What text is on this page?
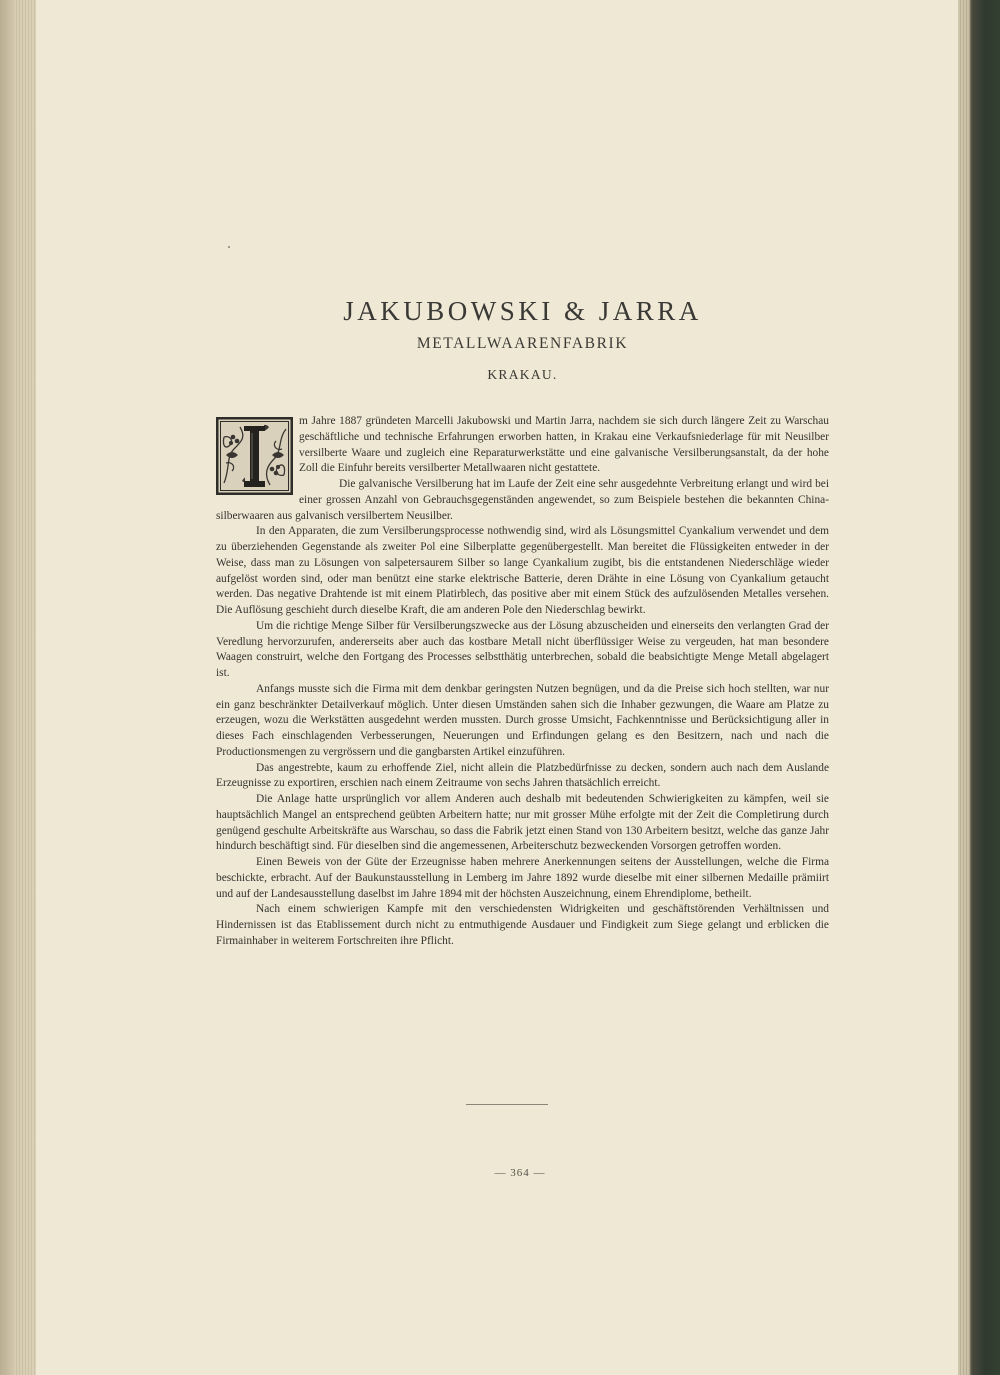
JAKUBOWSKI & JARRA
METALLWAARENFABRIK
KRAKAU.

m Jahre 1887 gründeten Marcelli Jakubowski und Martin Jarra, nachdem sie sich durch längere Zeit zu Warschau geschäftliche und technische Erfahrungen erworben hatten, in Krakau eine Verkaufsniederlage für mit Neusilber versilberte Waare und zugleich eine Reparaturwerkstätte und eine galvanische Versilberungsanstalt, da der hohe Zoll die Einfuhr bereits versilberter Metallwaaren nicht gestattete.

Die galvanische Versilberung hat im Laufe der Zeit eine sehr ausgedehnte Verbreitung erlangt und wird bei einer grossen Anzahl von Gebrauchsgegenständen angewendet, so zum Beispiele bestehen die bekannten Chinasilberwaaren aus galvanisch versilbertem Neusilber.

In den Apparaten, die zum Versilberungsprocesse nothwendig sind, wird als Lösungsmittel Cyankalium verwendet und dem zu überziehenden Gegenstande als zweiter Pol eine Silberplatte gegenübergestellt. Man bereitet die Flüssigkeiten entweder in der Weise, dass man zu Lösungen von salpetersaurem Silber so lange Cyankalium zugibt, bis die entstandenen Niederschläge wieder aufgelöst worden sind, oder man benützt eine starke elektrische Batterie, deren Drähte in eine Lösung von Cyankalium getaucht werden. Das negative Drahtende ist mit einem Platirblech, das positive aber mit einem Stück des aufzulösenden Metalles versehen. Die Auflösung geschieht durch dieselbe Kraft, die am anderen Pole den Niederschlag bewirkt.

Um die richtige Menge Silber für Versilberungszwecke aus der Lösung abzuscheiden und einerseits den verlangten Grad der Veredlung hervorzurufen, andererseits aber auch das kostbare Metall nicht überflüssiger Weise zu vergeuden, hat man besondere Waagen construirt, welche den Fortgang des Processes selbstthätig unterbrechen, sobald die beabsichtigte Menge Metall abgelagert ist.

Anfangs musste sich die Firma mit dem denkbar geringsten Nutzen begnügen, und da die Preise sich hoch stellten, war nur ein ganz beschränkter Detailverkauf möglich. Unter diesen Umständen sahen sich die Inhaber gezwungen, die Waare am Platze zu erzeugen, wozu die Werkstätten ausgedehnt werden mussten. Durch grosse Umsicht, Fachkenntnisse und Berücksichtigung aller in dieses Fach einschlagenden Verbesserungen, Neuerungen und Erfindungen gelang es den Besitzern, nach und nach die Productionsmengen zu vergrössern und die gangbarsten Artikel einzuführen.

Das angestrebte, kaum zu erhoffende Ziel, nicht allein die Platzbedürfnisse zu decken, sondern auch nach dem Auslande Erzeugnisse zu exportiren, erschien nach einem Zeitraume von sechs Jahren thatsächlich erreicht.

Die Anlage hatte ursprünglich vor allem Anderen auch deshalb mit bedeutenden Schwierigkeiten zu kämpfen, weil sie hauptsächlich Mangel an entsprechend geübten Arbeitern hatte; nur mit grosser Mühe erfolgte mit der Zeit die Completirung durch genügend geschulte Arbeitskräfte aus Warschau, so dass die Fabrik jetzt einen Stand von 130 Arbeitern besitzt, welche das ganze Jahr hindurch beschäftigt sind. Für dieselben sind die angemessenen, Arbeiterschutz bezweckenden Vorsorgen getroffen worden.

Einen Beweis von der Güte der Erzeugnisse haben mehrere Anerkennungen seitens der Ausstellungen, welche die Firma beschickte, erbracht. Auf der Baukunstausstellung in Lemberg im Jahre 1892 wurde dieselbe mit einer silbernen Medaille prämiirt und auf der Landesausstellung daselbst im Jahre 1894 mit der höchsten Auszeichnung, einem Ehrendiplome, betheilt.

Nach einem schwierigen Kampfe mit den verschiedensten Widrigkeiten und geschäftstörenden Verhältnissen und Hindernissen ist das Etablissement durch nicht zu entmuthigende Ausdauer und Findigkeit zum Siege gelangt und erblicken die Firmainhaber in weiterem Fortschreiten ihre Pflicht.

— 364 —
